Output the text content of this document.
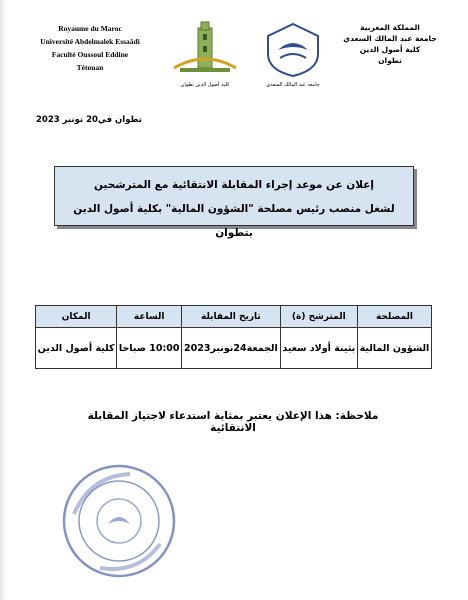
Royaume du Maroc
Université Abdelmalek Essaâdi
Faculté Oussoul Eddine
Tétouan
كلية أصول الدين تطوان	جامعة عبد المالك السعدي
المملكة المغربية
جامعة عبد المالك السعدي
كلية أصول الدين
تطوان
تطوان في20 نونبر 2023
إعلان عن موعد إجراء المقابلة الانتقائية مع المترشحين
لشغل منصب رئيس مصلحة "الشؤون المالية" بكلية أصول الدين بتطوان
المصلحة	المترشح (ة)	تاريخ المقابلة	الساعة	المكان
الشؤون المالية	بثينة أولاد سعيد	الجمعة24نونبر2023	10:00 صباحا	كلية أصول الدين
ملاحظة: هذا الإعلان يعتبر بمثابة استدعاء لاجتياز المقابلة الانتقائية
